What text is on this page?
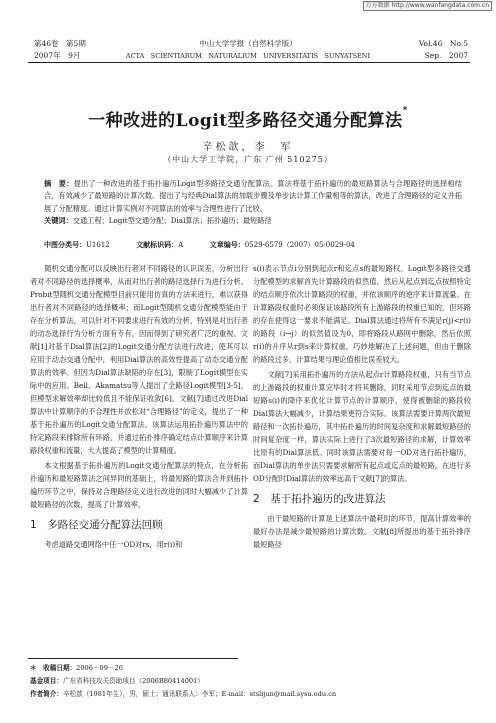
万方数据 http://www.wanfangdata.com.cn
第46卷　第5期	中山大学学报（自然科学版）	Vol.46　No.5
2007年　9月	ACTA　SCIENTIARUM　NATURALIUM　UNIVERSITATIS　SUNYATSENI	Sep.　2007
一种改进的Logit型多路径交通分配算法*
辛松歆，李　军
（中山大学工学院，广东 广州 510275）
摘　要：提出了一种改进的基于拓扑遍历Logit型多路径交通分配算法。算法将基于拓扑遍历的最短路算法与合理路径的选择相结合，有效减少了最短路的计算次数。提出了与经典Dial算法的加载步骤及单步法计算工作量相等的算法，改进了合理路径的定义并拓展了分配精度。通过计算实例对不同算法的效率与合理性进行了比较。
关键词：交通工程；Logit型交通分配；Dial算法；拓扑遍历；最短路径
中图分类号：U1612	文献标识码：A	文章编号：0529-6579（2007）05-0029-04

随机交通分配可以反映出行者对不同路径的认识误差，分析出行者对不同路径的选择概率，从而对出行者的路径选择行为进行分析。Probit型随机交通分配模型目前只能用仿真的方法来进行，难以获得出行者对不同路径的选择概率；而Logit型随机交通分配模型能由于存在分析算法，可以针对不同要求进行有效的分析，特别是对出行者的动态选择行为分析方面有专有，因而得到了研究者广泛的重视。文献[1]对基于Dial算法[2]的Logit交通分配方法进行改进，使其可以应用于动态交通分配中，利用Dial算法的高效性提高了动态交通分配算法的效率。但因为Dial算法缺陷的存在[3]，限制了Logit模型在实际中的应用。Bell、Akamatsu等人提出了全路径Logit模型[3-5]，但模型求解效率却比较低且不能保证收敛[6]。文献[7]通过改进Dial算法中计算顺序的不合理性并放松对“合理路径”的定义，提出了一种基于拓扑遍历的Logit交通分配算法。该算法运用拓扑遍历算法中的特定路段来排除所有环路，并通过拓扑排序确定结点计算顺序来计算路段权重和流量，大大提高了模型的计算精度。

本文根据基于拓扑遍历的Logit交通分配算法的特点，在分析拓扑遍历和最短路算法之间异同的基础上，将最短路的算法合并到拓扑遍历环节之中，保持对合理路径定义进行改进的同时大幅减少了计算最短路径的次数，提高了计算效率。

1　多路径交通分配算法回顾

考虑道路交通网络中任一OD对rs，用r(i)和

s(i)表示节点i分别到起点r和迄点s的最短路权。Logit型多路径交通分配模型的求解首先计算路段的似然值，然后从起点到迄点按照特定的结点顺序依次计算路段的权重，并依该顺序的逆序来计算流量。在计算路段权重时必须保证该路段所有上游路段的权重已知的。但环路的存在使得这一要求不能满足。Dial算法通过将所有不满足r(j)<r(i)的路段（i→j）的似然值设为0，即将路段从路网中删除，然后依照r(i)的升序从r到s来计算权重，巧妙地解决了上述问题，但由于删除的路段过多，计算结果与理论值相比误差较大。

文献[7]采用拓扑遍历的方法从起点r计算路段权重，只有当节点的上游路段的权重计算完毕时才将其删除，同时采用节点到迄点的最短路s(i)的降序来优化计算节点的计算顺序，使得被删除的路段较Dial算法大幅减少，计算结果更符合实际。该算法需要计算两次最短路径和一次拓扑遍历，其中拓扑遍历的时间复杂度和求解最短路径的时间复杂度一样，算法实际上进行了3次最短路径的求解，计算效率比原有的Dial算法低。同时该算法需要对每一OD对进行拓扑遍历，而Dial算法的单步法只需要求解所有起点或迄点的最短路，在进行多OD分配时Dial算法的效率远高于文献[7]的算法。

2　基于拓扑遍历的改进算法

由于最短路的计算是上述算法中最耗时的环节，提高计算效率的最好办法是减少最短路的计算次数。文献[8]所提出的基于拓扑排序最短路径

＊　收稿日期：2006－09－26
基金项目：广东省科技攻关资助项目（2006B80414001）
作者简介：辛松歆（1981年生），男，硕士；通讯联系人：李军；E-mail：stslijun@mail.sysu.edu.cn
